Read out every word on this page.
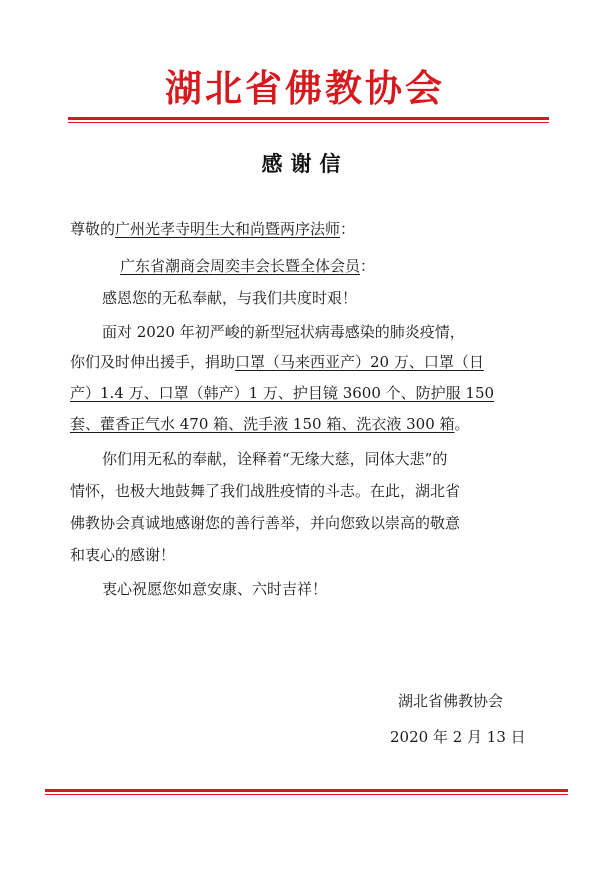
湖北省佛教协会
感谢信
尊敬的广州光孝寺明生大和尚暨两序法师：
广东省潮商会周奕丰会长暨全体会员：
感恩您的无私奉献，与我们共度时艰！
面对 2020 年初严峻的新型冠状病毒感染的肺炎疫情，
你们及时伸出援手，捐助口罩（马来西亚产）20 万、口罩（日
产）1.4 万、口罩（韩产）1 万、护目镜 3600 个、防护服 150
套、藿香正气水 470 箱、洗手液 150 箱、洗衣液 300 箱。
你们用无私的奉献，诠释着“无缘大慈，同体大悲”的
情怀，也极大地鼓舞了我们战胜疫情的斗志。在此，湖北省
佛教协会真诚地感谢您的善行善举，并向您致以崇高的敬意
和衷心的感谢！
衷心祝愿您如意安康、六时吉祥！
湖北省佛教协会
2020 年 2 月 13 日
